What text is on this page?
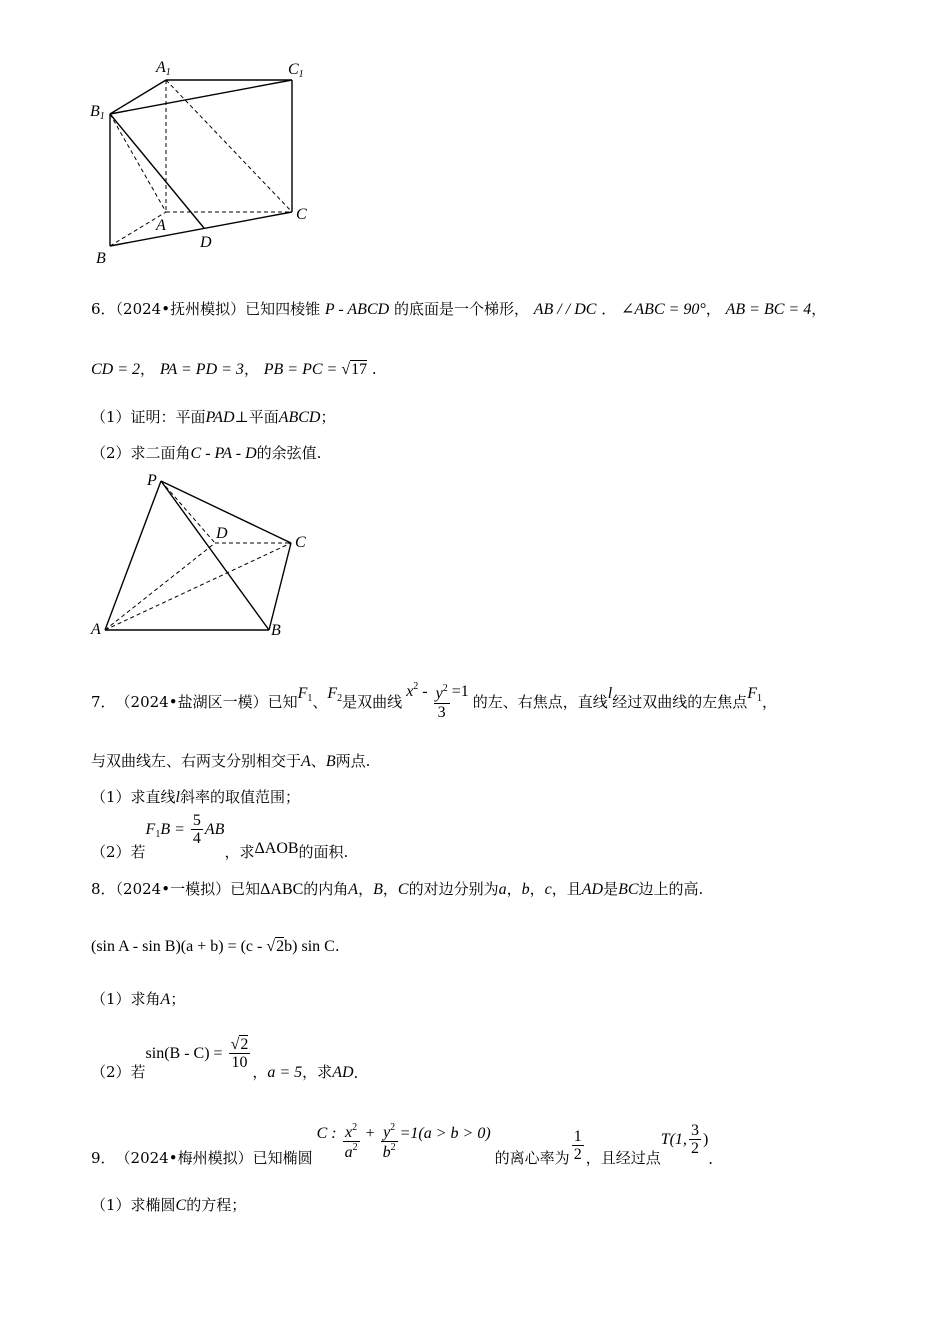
A1	C1
B1
A
C
D
B
6．（2024•抚州模拟）已知四棱锥 P - ABCD 的底面是一个梯形， AB / / DC ． ∠ABC = 90°， AB = BC = 4，
CD = 2， PA = PD = 3， PB = PC = √17 .
（1）证明：平面PAD⊥平面ABCD；
（2）求二面角C - PA - D的余弦值.
P
D
C
A	B
7． （2024•盐湖区一模） 已知 $F_1$ 、 $F_2$ 是双曲线
$x^2 - \frac{y^2}{3} =1$
的左、右焦点，直线 l 经过双曲线的左焦点 $F_1$ ，
与双曲线左、右两支分别相交于A、B两点.
（1）求直线l斜率的取值范围；
（2）若
$F_1B = \frac{5}{4}$ AB
，求 ΔAOB 的面积.
8．（2024•一模拟）已知ΔABC的内角A，B，C的对边分别为a，b，c，且AD是BC边上的高.
(sin A - sin B)(a + b) = (c - √2b) sin C.
（1）求角A；
（2）若
$\sin(B - C) = \frac{√2}{10}$ ， a = 5 ，求 AD .
9． （2024•梅州模拟） 已知椭圆
C : $\frac{x^2}{a^2} + \frac{y^2}{b^2} =1(a > b > 0)$
的离心率为 $\frac{1}{2}$ ，且经过点
T(1, $\frac{3}{2}$ )
.
（1）求椭圆C的方程；
